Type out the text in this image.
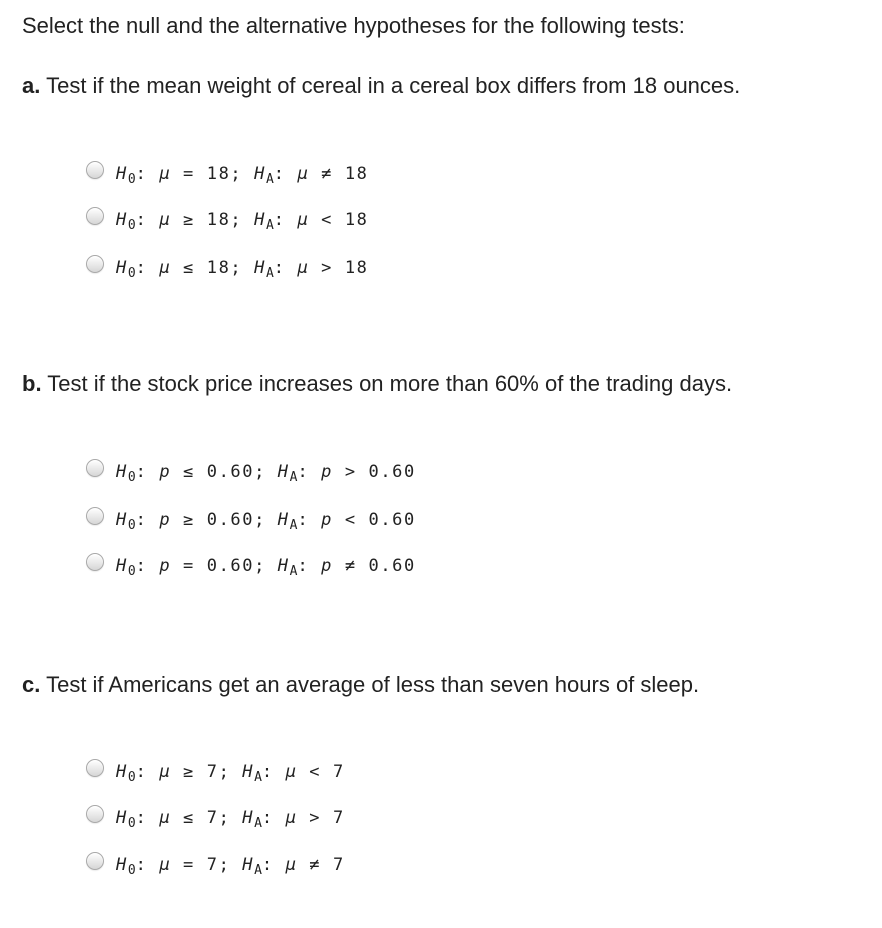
Select the null and the alternative hypotheses for the following tests:
a. Test if the mean weight of cereal in a cereal box differs from 18 ounces.
$H_0$: μ = 18; $H_A$: μ ≠ 18
$H_0$: μ ≥ 18; $H_A$: μ < 18
$H_0$: μ ≤ 18; $H_A$: μ > 18
b. Test if the stock price increases on more than 60% of the trading days.
$H_0$: p ≤ 0.60; $H_A$: p > 0.60
$H_0$: p ≥ 0.60; $H_A$: p < 0.60
$H_0$: p = 0.60; $H_A$: p ≠ 0.60
c. Test if Americans get an average of less than seven hours of sleep.
$H_0$: μ ≥ 7; $H_A$: μ < 7
$H_0$: μ ≤ 7; $H_A$: μ > 7
$H_0$: μ = 7; $H_A$: μ ≠ 7
